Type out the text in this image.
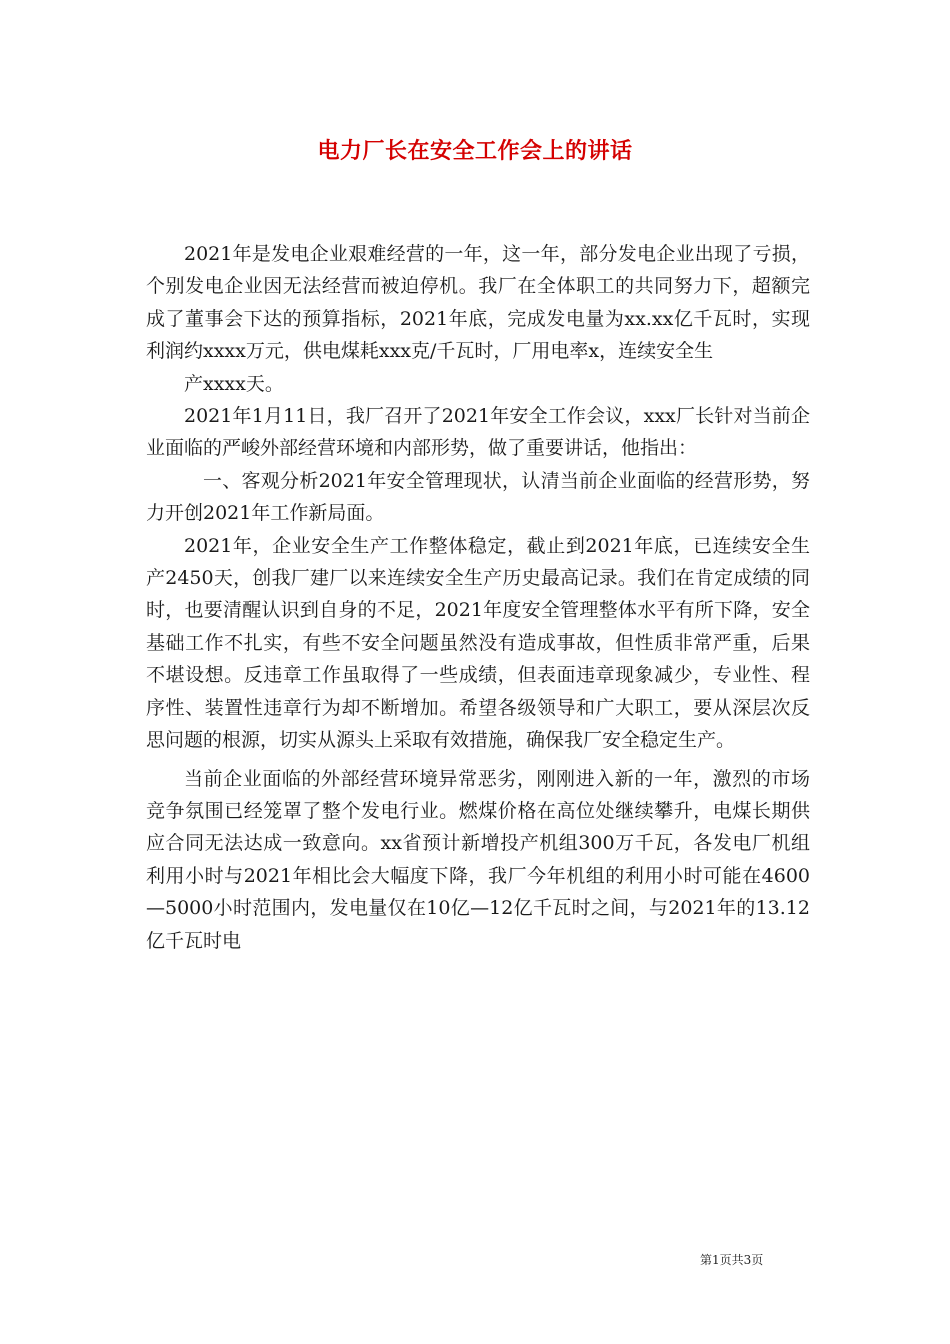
电力厂长在安全工作会上的讲话

2021年是发电企业艰难经营的一年，这一年，部分发电企业出现了亏损，个别发电企业因无法经营而被迫停机。我厂在全体职工的共同努力下，超额完成了董事会下达的预算指标，2021年底，完成发电量为xx.xx亿千瓦时，实现利润约xxxx万元，供电煤耗xxx克/千瓦时，厂用电率x，连续安全生

产xxxx天。

2021年1月11日，我厂召开了2021年安全工作会议，xxx厂长针对当前企业面临的严峻外部经营环境和内部形势，做了重要讲话，他指出：

一、客观分析2021年安全管理现状，认清当前企业面临的经营形势，努力开创2021年工作新局面。

2021年，企业安全生产工作整体稳定，截止到2021年底，已连续安全生产2450天，创我厂建厂以来连续安全生产历史最高记录。我们在肯定成绩的同时，也要清醒认识到自身的不足，2021年度安全管理整体水平有所下降，安全基础工作不扎实，有些不安全问题虽然没有造成事故，但性质非常严重，后果不堪设想。反违章工作虽取得了一些成绩，但表面违章现象减少，专业性、程序性、装置性违章行为却不断增加。希望各级领导和广大职工，要从深层次反思问题的根源，切实从源头上采取有效措施，确保我厂安全稳定生产。

当前企业面临的外部经营环境异常恶劣，刚刚进入新的一年，激烈的市场竞争氛围已经笼罩了整个发电行业。燃煤价格在高位处继续攀升，电煤长期供应合同无法达成一致意向。xx省预计新增投产机组300万千瓦，各发电厂机组利用小时与2021年相比会大幅度下降，我厂今年机组的利用小时可能在4600—5000小时范围内，发电量仅在10亿—12亿千瓦时之间，与2021年的13.12亿千瓦时电

第1页共3页
